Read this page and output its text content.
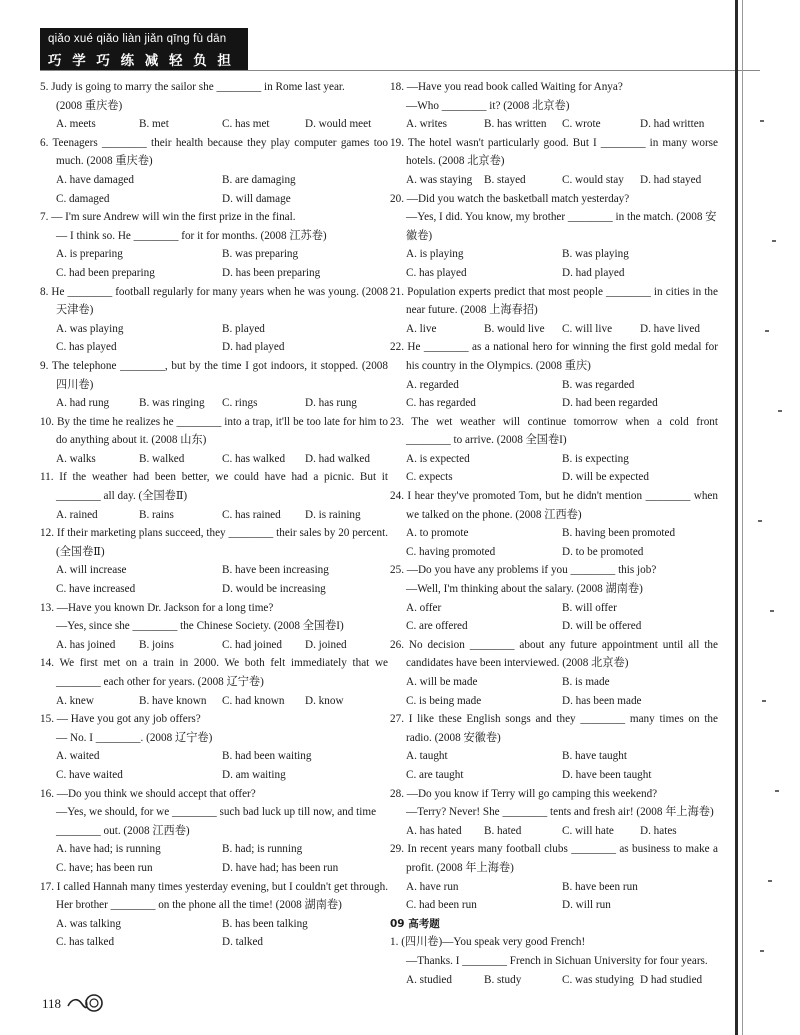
qiǎo xué qiǎo liàn jiǎn qīng fù dān
巧 学 巧 练 减 轻 负 担
5. Judy is going to marry the sailor she ________ in Rome last year.
(2008 重庆卷)
A. meets	B. met	C. has met	D. would meet
6. Teenagers ________ their health because they play computer games too much. (2008 重庆卷)
A. have damaged	B. are damaging
C. damaged	D. will damage
7. — I'm sure Andrew will win the first prize in the final.
— I think so. He ________ for it for months. (2008 江苏卷)
A. is preparing	B. was preparing
C. had been preparing	D. has been preparing
8. He ________ football regularly for many years when he was young. (2008 天津卷)
A. was playing	B. played
C. has played	D. had played
9. The telephone ________, but by the time I got indoors, it stopped. (2008 四川卷)
A. had rung	B. was ringing	C. rings	D. has rung
10. By the time he realizes he ________ into a trap, it'll be too late for him to do anything about it. (2008 山东)
A. walks	B. walked	C. has walked	D. had walked
11. If the weather had been better, we could have had a picnic. But it ________ all day. (全国卷Ⅱ)
A. rained	B. rains	C. has rained	D. is raining
12. If their marketing plans succeed, they ________ their sales by 20 percent. (全国卷Ⅱ)
A. will increase	B. have been increasing
C. have increased	D. would be increasing
13. —Have you known Dr. Jackson for a long time?
—Yes, since she ________ the Chinese Society. (2008 全国卷I)
A. has joined	B. joins	C. had joined	D. joined
14. We first met on a train in 2000. We both felt immediately that we ________ each other for years. (2008 辽宁卷)
A. knew	B. have known	C. had known	D. know
15. — Have you got any job offers?
— No. I ________. (2008 辽宁卷)
A. waited	B. had been waiting
C. have waited	D. am waiting
16. —Do you think we should accept that offer?
—Yes, we should, for we ________ such bad luck up till now, and time ________ out. (2008 江西卷)
A. have had; is running	B. had; is running
C. have; has been run	D. have had; has been run
17. I called Hannah many times yesterday evening, but I couldn't get through. Her brother ________ on the phone all the time! (2008 湖南卷)
A. was talking	B. has been talking
C. has talked	D. talked
18. —Have you read book called Waiting for Anya?
—Who ________ it? (2008 北京卷)
A. writes	B. has written	C. wrote	D. had written
19. The hotel wasn't particularly good. But I ________ in many worse hotels. (2008 北京卷)
A. was staying	B. stayed	C. would stay	D. had stayed
20. —Did you watch the basketball match yesterday?
—Yes, I did. You know, my brother ________ in the match. (2008 安徽卷)
A. is playing	B. was playing
C. has played	D. had played
21. Population experts predict that most people ________ in cities in the near future. (2008 上海春招)
A. live	B. would live	C. will live	D. have lived
22. He ________ as a national hero for winning the first gold medal for his country in the Olympics. (2008 重庆)
A. regarded	B. was regarded
C. has regarded	D. had been regarded
23. The wet weather will continue tomorrow when a cold front ________ to arrive. (2008 全国卷I)
A. is expected	B. is expecting
C. expects	D. will be expected
24. I hear they've promoted Tom, but he didn't mention ________ when we talked on the phone. (2008 江西卷)
A. to promote	B. having been promoted
C. having promoted	D. to be promoted
25. —Do you have any problems if you ________ this job?
—Well, I'm thinking about the salary. (2008 湖南卷)
A. offer	B. will offer
C. are offered	D. will be offered
26. No decision ________ about any future appointment until all the candidates have been interviewed. (2008 北京卷)
A. will be made	B. is made
C. is being made	D. has been made
27. I like these English songs and they ________ many times on the radio. (2008 安徽卷)
A. taught	B. have taught
C. are taught	D. have been taught
28. —Do you know if Terry will go camping this weekend?
—Terry? Never! She ________ tents and fresh air! (2008 年上海卷)
A. has hated	B. hated	C. will hate	D. hates
29. In recent years many football clubs ________ as business to make a profit. (2008 年上海卷)
A. have run	B. have been run
C. had been run	D. will run
09 高考题
1. (四川卷)—You speak very good French!
—Thanks. I ________ French in Sichuan University for four years.
A. studied	B. study	C. was studying D had studied
118
